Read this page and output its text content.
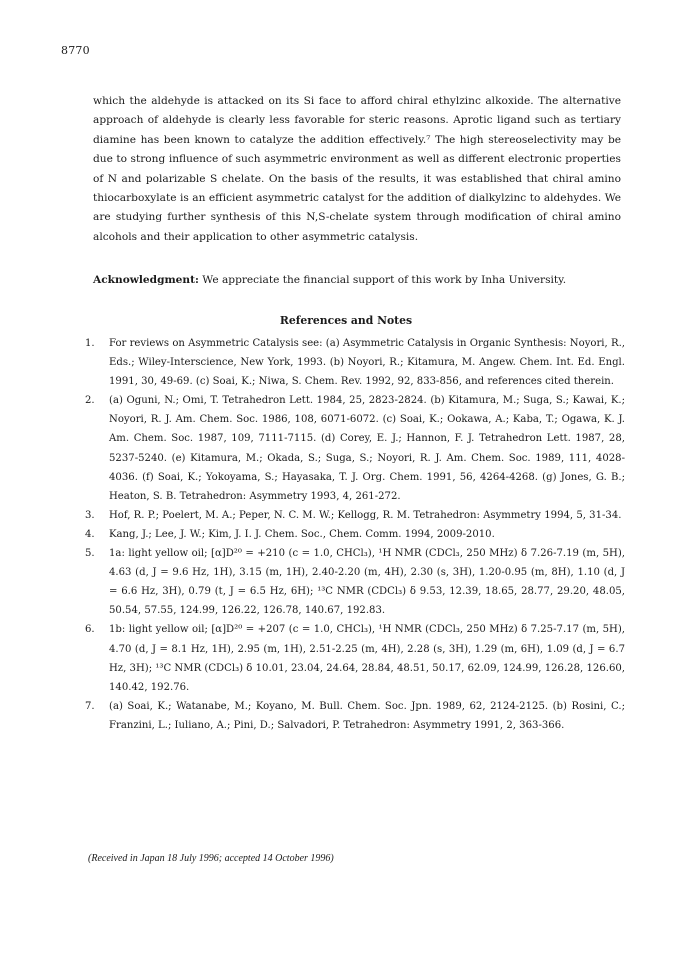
8770
which the aldehyde is attacked on its Si face to afford chiral ethylzinc alkoxide. The alternative approach of aldehyde is clearly less favorable for steric reasons. Aprotic ligand such as tertiary diamine has been known to catalyze the addition effectively.⁷ The high stereoselectivity may be due to strong influence of such asymmetric environment as well as different electronic properties of N and polarizable S chelate. On the basis of the results, it was established that chiral amino thiocarboxylate is an efficient asymmetric catalyst for the addition of dialkylzinc to aldehydes. We are studying further synthesis of this N,S-chelate system through modification of chiral amino alcohols and their application to other asymmetric catalysis.
Acknowledgment: We appreciate the financial support of this work by Inha University.
References and Notes
1.	For reviews on Asymmetric Catalysis see: (a) Asymmetric Catalysis in Organic Synthesis: Noyori, R., Eds.; Wiley-Interscience, New York, 1993. (b) Noyori, R.; Kitamura, M. Angew. Chem. Int. Ed. Engl. 1991, 30, 49-69. (c) Soai, K.; Niwa, S. Chem. Rev. 1992, 92, 833-856, and references cited therein.
2.	(a) Oguni, N.; Omi, T. Tetrahedron Lett. 1984, 25, 2823-2824. (b) Kitamura, M.; Suga, S.; Kawai, K.; Noyori, R. J. Am. Chem. Soc. 1986, 108, 6071-6072. (c) Soai, K.; Ookawa, A.; Kaba, T.; Ogawa, K. J. Am. Chem. Soc. 1987, 109, 7111-7115. (d) Corey, E. J.; Hannon, F. J. Tetrahedron Lett. 1987, 28, 5237-5240. (e) Kitamura, M.; Okada, S.; Suga, S.; Noyori, R. J. Am. Chem. Soc. 1989, 111, 4028-4036. (f) Soai, K.; Yokoyama, S.; Hayasaka, T. J. Org. Chem. 1991, 56, 4264-4268. (g) Jones, G. B.; Heaton, S. B. Tetrahedron: Asymmetry 1993, 4, 261-272.
3.	Hof, R. P.; Poelert, M. A.; Peper, N. C. M. W.; Kellogg, R. M. Tetrahedron: Asymmetry 1994, 5, 31-34.
4.	Kang, J.; Lee, J. W.; Kim, J. I. J. Chem. Soc., Chem. Comm. 1994, 2009-2010.
5.	1a: light yellow oil; [α]D²⁰ = +210 (c = 1.0, CHCl₃), ¹H NMR (CDCl₃, 250 MHz) δ 7.26-7.19 (m, 5H), 4.63 (d, J = 9.6 Hz, 1H), 3.15 (m, 1H), 2.40-2.20 (m, 4H), 2.30 (s, 3H), 1.20-0.95 (m, 8H), 1.10 (d, J = 6.6 Hz, 3H), 0.79 (t, J = 6.5 Hz, 6H); ¹³C NMR (CDCl₃) δ 9.53, 12.39, 18.65, 28.77, 29.20, 48.05, 50.54, 57.55, 124.99, 126.22, 126.78, 140.67, 192.83.
6.	1b: light yellow oil; [α]D²⁰ = +207 (c = 1.0, CHCl₃), ¹H NMR (CDCl₃, 250 MHz) δ 7.25-7.17 (m, 5H), 4.70 (d, J = 8.1 Hz, 1H), 2.95 (m, 1H), 2.51-2.25 (m, 4H), 2.28 (s, 3H), 1.29 (m, 6H), 1.09 (d, J = 6.7 Hz, 3H); ¹³C NMR (CDCl₃) δ 10.01, 23.04, 24.64, 28.84, 48.51, 50.17, 62.09, 124.99, 126.28, 126.60, 140.42, 192.76.
7.	(a) Soai, K.; Watanabe, M.; Koyano, M. Bull. Chem. Soc. Jpn. 1989, 62, 2124-2125. (b) Rosini, C.; Franzini, L.; Iuliano, A.; Pini, D.; Salvadori, P. Tetrahedron: Asymmetry 1991, 2, 363-366.
(Received in Japan 18 July 1996; accepted 14 October 1996)
